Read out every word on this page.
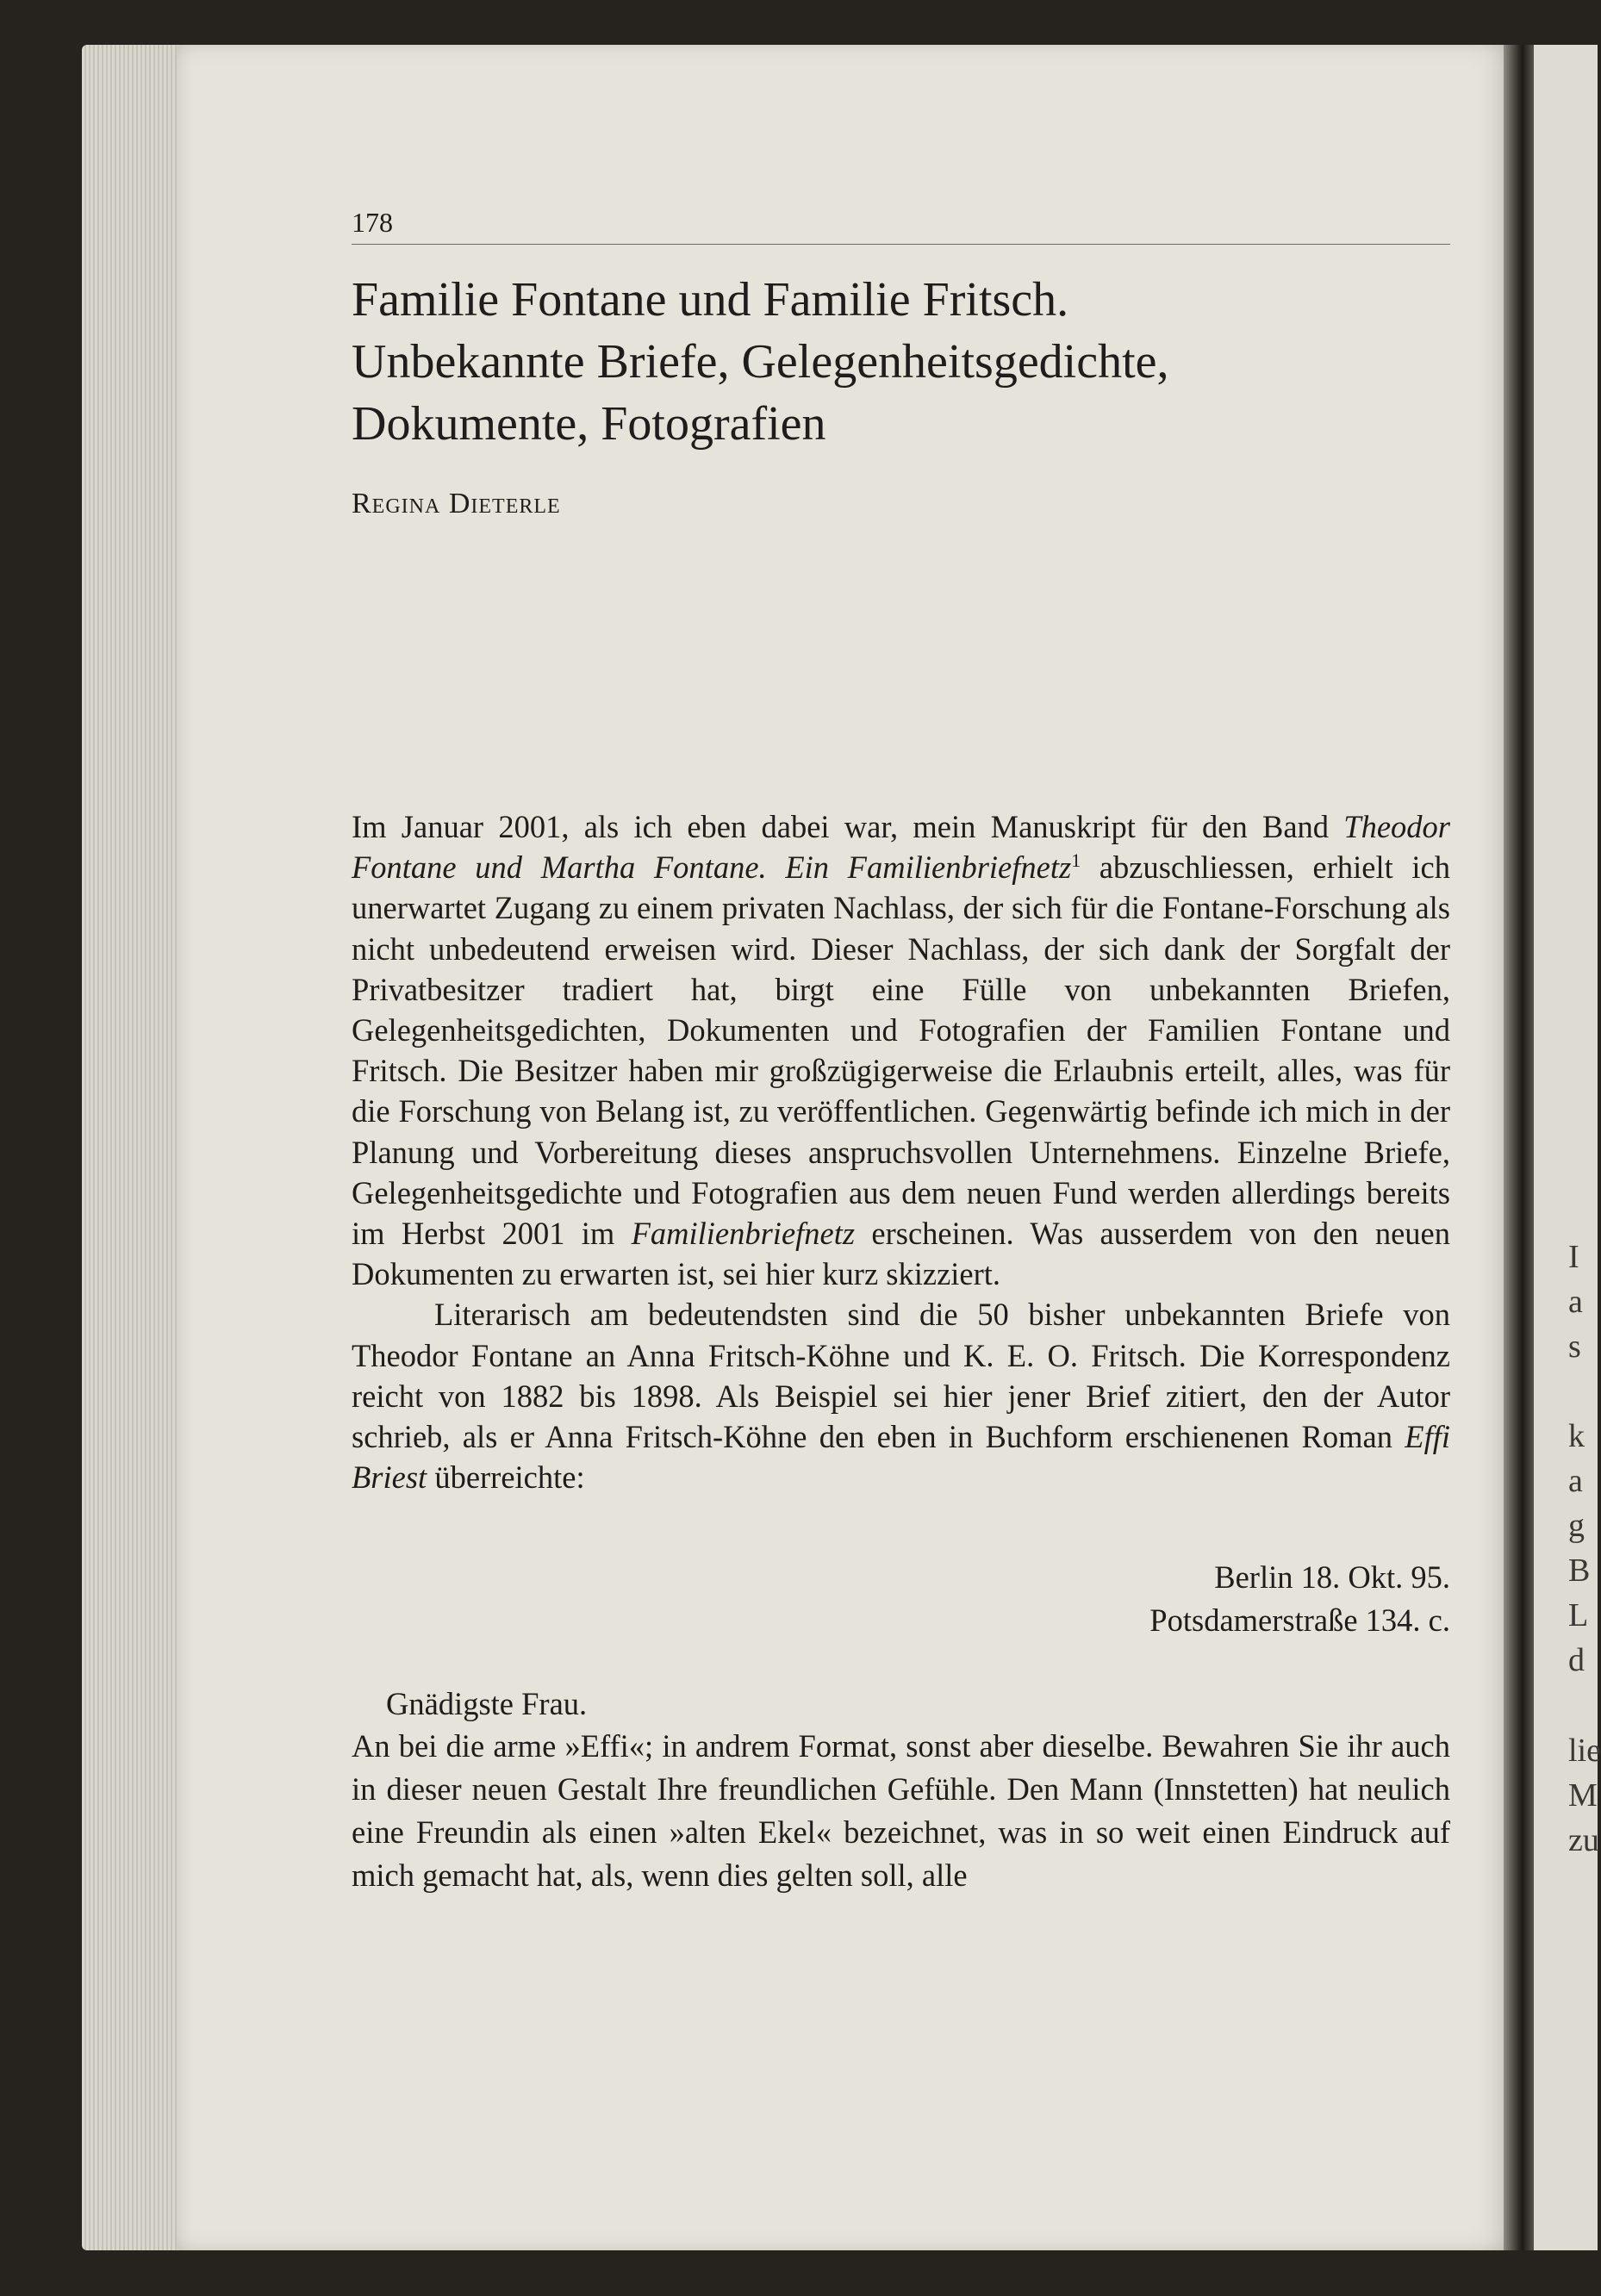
I
a
s
k
a
g
B
L
d
lie
M
zu
178
Familie Fontane und Familie Fritsch.
Unbekannte Briefe, Gelegenheitsgedichte,
Dokumente, Fotografien
Regina Dieterle

Im Januar 2001, als ich eben dabei war, mein Manuskript für den Band Theodor Fontane und Martha Fontane. Ein Familienbriefnetz$^1$ abzuschliessen, erhielt ich unerwartet Zugang zu einem privaten Nachlass, der sich für die Fontane-Forschung als nicht unbedeutend erweisen wird. Dieser Nachlass, der sich dank der Sorgfalt der Privatbesitzer tradiert hat, birgt eine Fülle von unbekannten Briefen, Gelegenheitsgedichten, Dokumenten und Fotografien der Familien Fontane und Fritsch. Die Besitzer haben mir großzügigerweise die Erlaubnis erteilt, alles, was für die Forschung von Belang ist, zu veröffentlichen. Gegenwärtig befinde ich mich in der Planung und Vorbereitung dieses anspruchsvollen Unternehmens. Einzelne Briefe, Gelegenheitsgedichte und Fotografien aus dem neuen Fund werden allerdings bereits im Herbst 2001 im Familienbriefnetz erscheinen. Was ausserdem von den neuen Dokumenten zu erwarten ist, sei hier kurz skizziert.

Literarisch am bedeutendsten sind die 50 bisher unbekannten Briefe von Theodor Fontane an Anna Fritsch-Köhne und K. E. O. Fritsch. Die Korrespondenz reicht von 1882 bis 1898. Als Beispiel sei hier jener Brief zitiert, den der Autor schrieb, als er Anna Fritsch-Köhne den eben in Buchform erschienenen Roman Effi Briest überreichte:

Berlin 18. Okt. 95.
Potsdamerstraße 134. c.
Gnädigste Frau.

An bei die arme »Effi«; in andrem Format, sonst aber dieselbe. Bewahren Sie ihr auch in dieser neuen Gestalt Ihre freundlichen Gefühle. Den Mann (Innstetten) hat neulich eine Freundin als einen »alten Ekel« bezeichnet, was in so weit einen Eindruck auf mich gemacht hat, als, wenn dies gelten soll, alle
